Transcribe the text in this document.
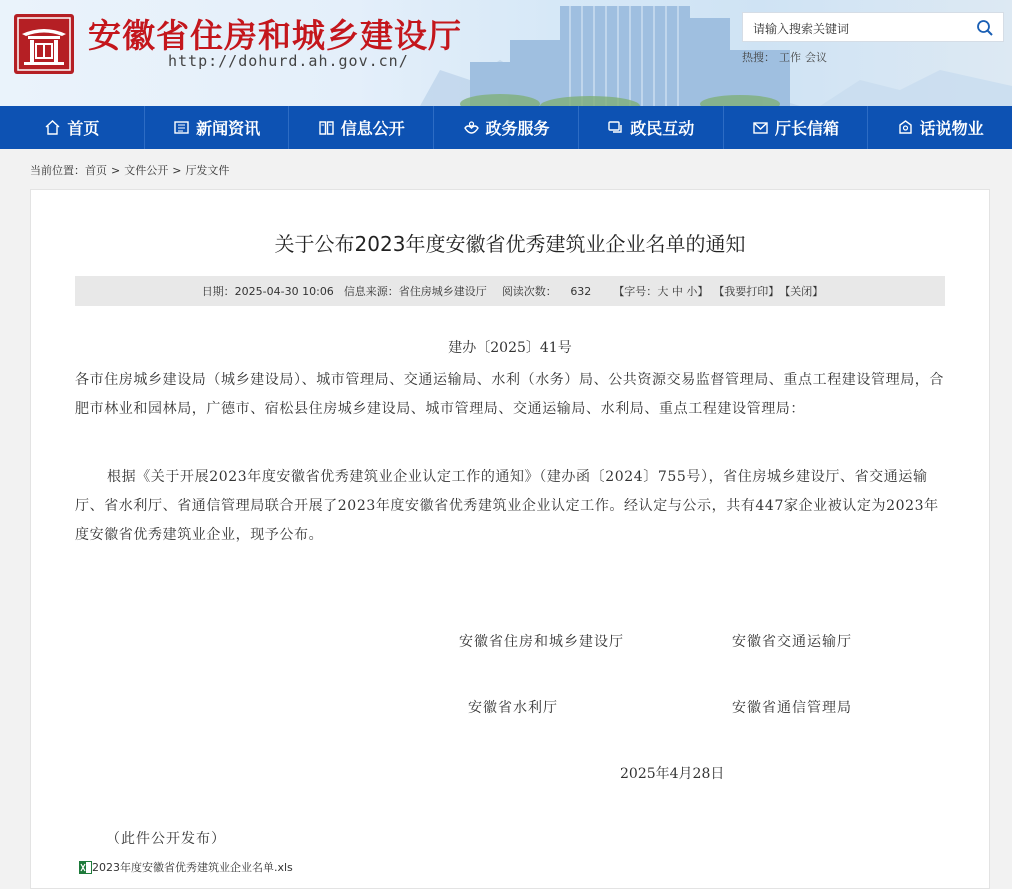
安徽省住房和城乡建设厅
http://dohurd.ah.gov.cn/
请输入搜索关键词	热搜： 工作 会议
首页	新闻资讯	信息公开	政务服务	政民互动	厅长信箱	话说物业
当前位置：首页 > 文件公开 > 厅发文件
关于公布2023年度安徽省优秀建筑业企业名单的通知
日期：2025-04-30 10:06 信息来源：省住房城乡建设厅	阅读次数： 632	【字号：大 中 小】 【我要打印】 【关闭】
建办〔2025〕41号
各市住房城乡建设局（城乡建设局）、城市管理局、交通运输局、水利（水务）局、公共资源交易监督管理局、重点工程建设管理局，合肥市林业和园林局，广德市、宿松县住房城乡建设局、城市管理局、交通运输局、水利局、重点工程建设管理局：
根据《关于开展2023年度安徽省优秀建筑业企业认定工作的通知》（建办函〔2024〕755号），省住房城乡建设厅、省交通运输厅、省水利厅、省通信管理局联合开展了2023年度安徽省优秀建筑业企业认定工作。经认定与公示，共有447家企业被认定为2023年度安徽省优秀建筑业企业，现予公布。
安徽省住房和城乡建设厅	安徽省交通运输厅
安徽省水利厅	安徽省通信管理局
2025年4月28日
（此件公开发布）
2023年度安徽省优秀建筑业企业名单.xls
